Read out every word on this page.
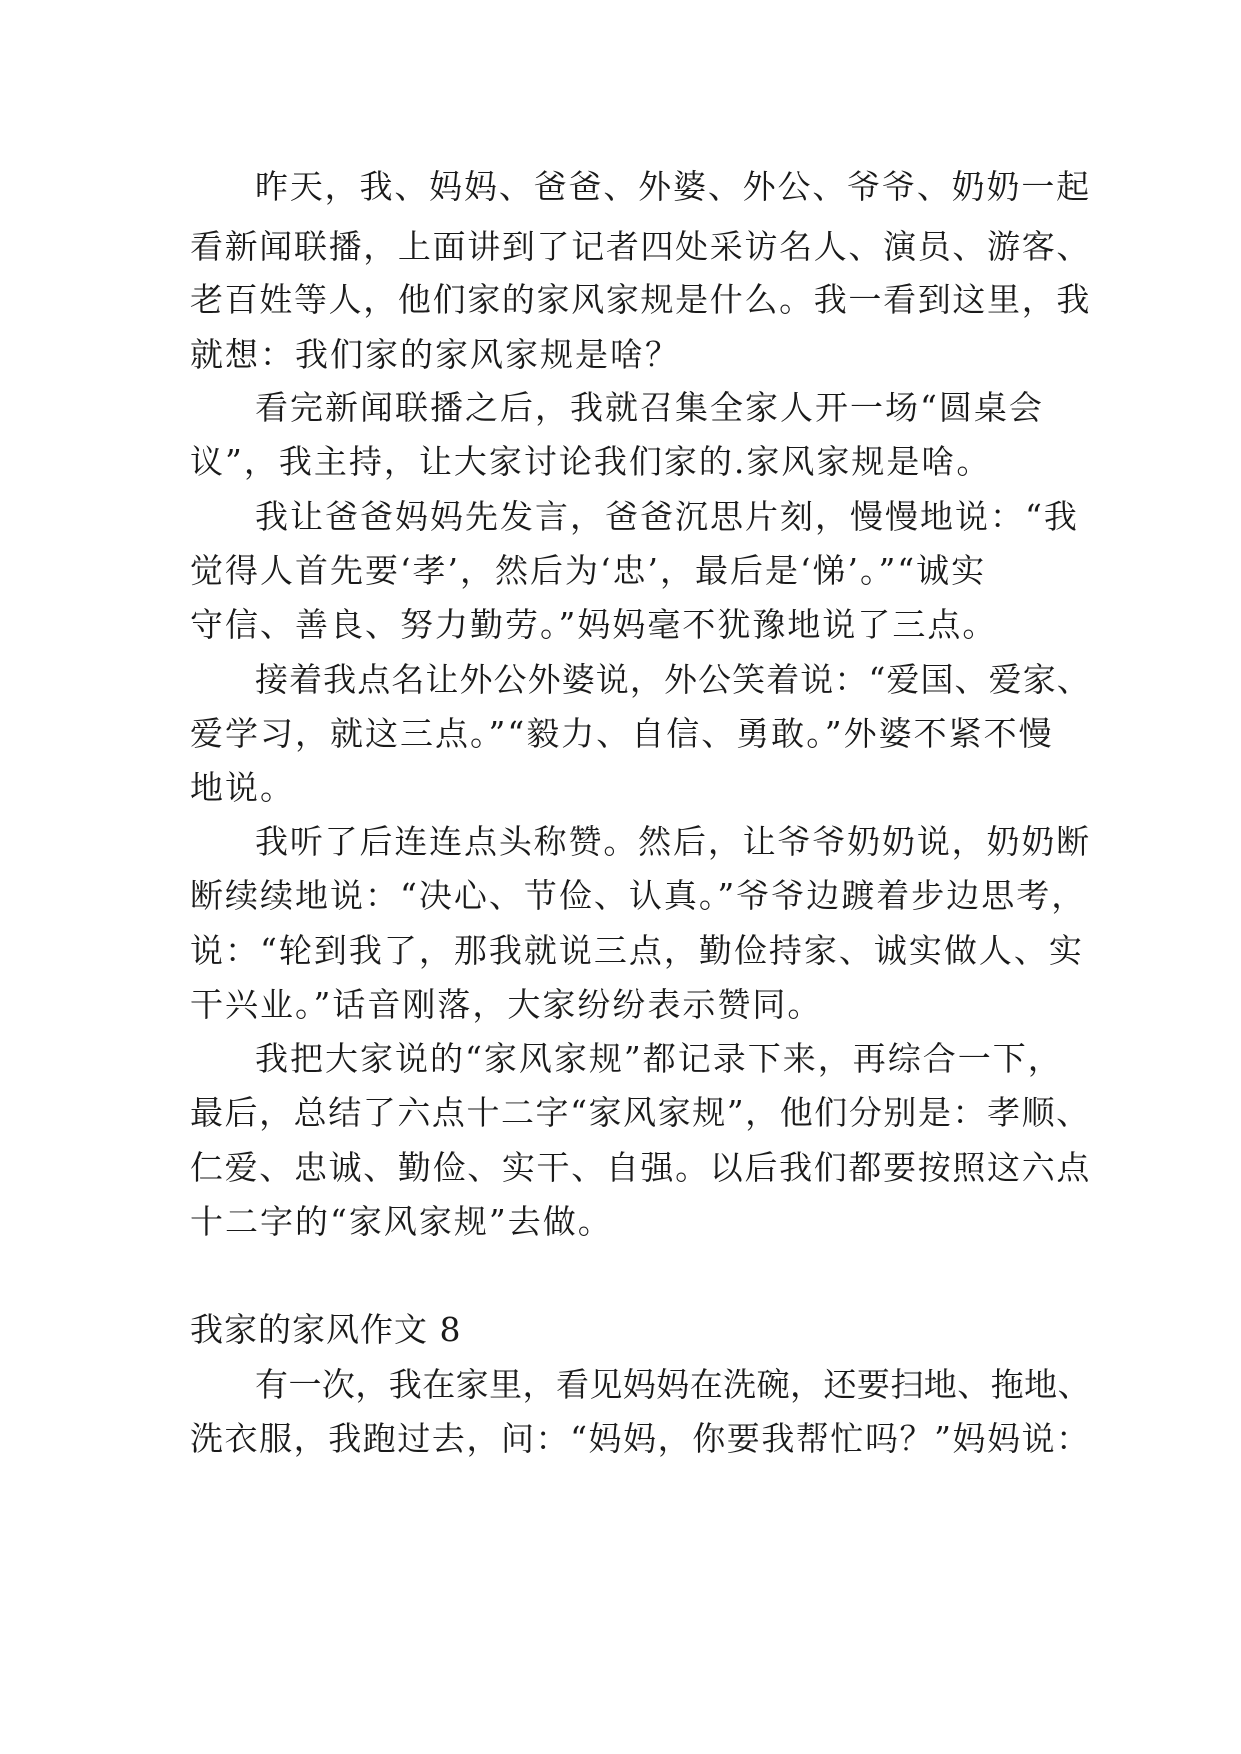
昨天，我、妈妈、爸爸、外婆、外公、爷爷、奶奶一起
看新闻联播，上面讲到了记者四处采访名人、演员、游客、
老百姓等人，他们家的家风家规是什么。我一看到这里，我
就想：我们家的家风家规是啥？
看完新闻联播之后，我就召集全家人开一场“圆桌会
议”，我主持，让大家讨论我们家的.家风家规是啥。
我让爸爸妈妈先发言，爸爸沉思片刻，慢慢地说：“我
觉得人首先要‘孝’，然后为‘忠’，最后是‘悌’。”“诚实
守信、善良、努力勤劳。”妈妈毫不犹豫地说了三点。
接着我点名让外公外婆说，外公笑着说：“爱国、爱家、
爱学习，就这三点。”“毅力、自信、勇敢。”外婆不紧不慢
地说。
我听了后连连点头称赞。然后，让爷爷奶奶说，奶奶断
断续续地说：“决心、节俭、认真。”爷爷边踱着步边思考，
说：“轮到我了，那我就说三点，勤俭持家、诚实做人、实
干兴业。”话音刚落，大家纷纷表示赞同。
我把大家说的“家风家规”都记录下来，再综合一下，
最后，总结了六点十二字“家风家规”，他们分别是：孝顺、
仁爱、忠诚、勤俭、实干、自强。以后我们都要按照这六点
十二字的“家风家规”去做。
我家的家风作文 8
有一次，我在家里，看见妈妈在洗碗，还要扫地、拖地、
洗衣服，我跑过去，问：“妈妈，你要我帮忙吗？”妈妈说：
